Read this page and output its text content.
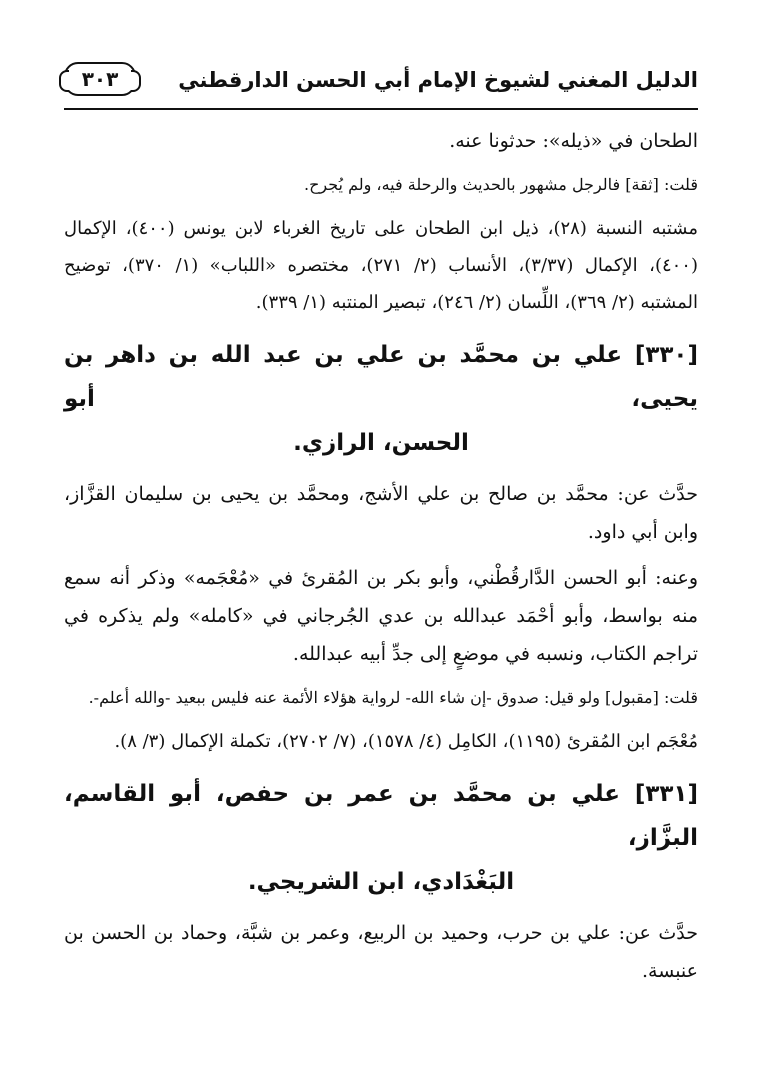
الدليل المغني لشيوخ الإمام أبي الحسن الدارقطني
٣٠٣

الطحان في «ذيله»: حدثونا عنه.

قلت: [ثقة] فالرجل مشهور بالحديث والرحلة فيه، ولم يُجرح.

مشتبه النسبة (٢٨)، ذيل ابن الطحان على تاريخ الغرباء لابن يونس (٤٠٠)، الإكمال (٤٠٠)، الإكمال (٣/٣٧)، الأنساب (٢/ ٢٧١)، مختصره «اللباب» (١/ ٣٧٠)، توضيح المشتبه (٢/ ٣٦٩)، اللِّسان (٢/ ٢٤٦)، تبصير المنتبه (١/ ٣٣٩).

[٣٣٠] علي بن محمَّد بن علي بن عبد الله بن داهر بن يحيى، أبو
الحسن، الرازي.

حدَّث عن: محمَّد بن صالح بن علي الأشج، ومحمَّد بن يحيى بن سليمان القزَّاز، وابن أبي داود.

وعنه: أبو الحسن الدَّارقُطْني، وأبو بكر بن المُقرئ في «مُعْجَمه» وذكر أنه سمع منه بواسط، وأبو أحْمَد عبدالله بن عدي الجُرجاني في «كامله» ولم يذكره في تراجم الكتاب، ونسبه في موضعٍ إلى جدِّ أبيه عبدالله.

قلت: [مقبول] ولو قيل: صدوق -إن شاء الله- لرواية هؤلاء الأئمة عنه فليس ببعيد -والله أعلم-.

مُعْجَم ابن المُقرئ (١١٩٥)، الكامِل (٤/ ١٥٧٨)، (٧/ ٢٧٠٢)، تكملة الإكمال (٣/ ٨).

[٣٣١] علي بن محمَّد بن عمر بن حفص، أبو القاسم، البزَّاز،
البَغْدَادي، ابن الشريجي.

حدَّث عن: علي بن حرب، وحميد بن الربيع، وعمر بن شبَّة، وحماد بن الحسن بن عنبسة.
